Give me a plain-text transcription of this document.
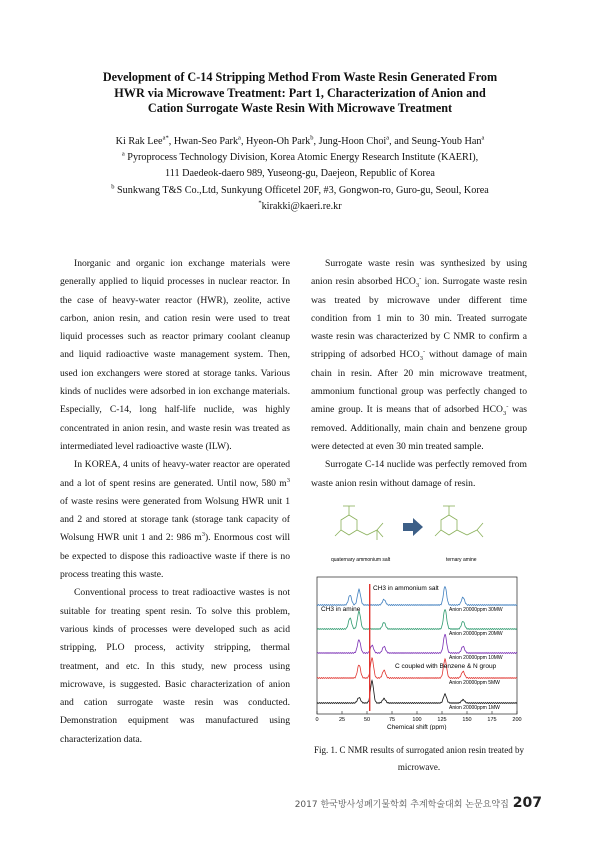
Development of C-14 Stripping Method From Waste Resin Generated From
HWR via Microwave Treatment: Part 1, Characterization of Anion and
Cation Surrogate Waste Resin With Microwave Treatment
Ki Rak Lee$^{a*}$, Hwan-Seo Park$^a$, Hyeon-Oh Park$^b$, Jung-Hoon Choi$^a$, and Seung-Youb Han$^a$
$^a$ Pyroprocess Technology Division, Korea Atomic Energy Research Institute (KAERI),
111 Daedeok-daero 989, Yuseong-gu, Daejeon, Republic of Korea
$^b$ Sunkwang T&S Co.,Ltd, Sunkyung Officetel 20F, #3, Gongwon-ro, Guro-gu, Seoul, Korea
*kirakki@kaeri.re.kr

Inorganic and organic ion exchange materials were generally applied to liquid processes in nuclear reactor. In the case of heavy-water reactor (HWR), zeolite, active carbon, anion resin, and cation resin were used to treat liquid processes such as reactor primary coolant cleanup and liquid radioactive waste management system. Then, used ion exchangers were stored at storage tanks. Various kinds of nuclides were adsorbed in ion exchange materials. Especially, C-14, long half-life nuclide, was highly concentrated in anion resin, and waste resin was treated as intermediated level radioactive waste (ILW).

In KOREA, 4 units of heavy-water reactor are operated and a lot of spent resins are generated. Until now, 580 $m^3$ of waste resins were generated from Wolsung HWR unit 1 and 2 and stored at storage tank (storage tank capacity of Wolsung HWR unit 1 and 2: 986 $m^3$). Enormous cost will be expected to dispose this radioactive waste if there is no process treating this waste.

Conventional process to treat radioactive wastes is not suitable for treating spent resin. To solve this problem, various kinds of processes were developed such as acid stripping, PLO process, activity stripping, thermal treatment, and etc. In this study, new process using microwave, is suggested. Basic characterization of anion and cation surrogate waste resin was conducted. Demonstration equipment was manufactured using characterization data.

Surrogate waste resin was synthesized by using anion resin absorbed $HCO_3^-$ ion. Surrogate waste resin was treated by microwave under different time condition from 1 min to 30 min. Treated surrogate waste resin was characterized by C NMR to confirm a stripping of adsorbed $HCO_3^-$ without damage of main chain in resin. After 20 min microwave treatment, ammonium functional group was perfectly changed to amine group. It is means that of adsorbed $HCO_3^-$ was removed. Additionally, main chain and benzene group were detected at even 30 min treated sample.

Surrogate C-14 nuclide was perfectly removed from waste anion resin without damage of resin.

quaternary ammonium salt	ternary amine
Anion 20000ppm 30MW
Anion 20000ppm 20MW
Anion 20000ppm 10MW
Anion 20000ppm 5MW
Anion 20000ppm 1MW
0	25	50	75	100	125	150	175	200
CH3 in ammonium salt
CH3 in amine
C coupled with Benzene & N group
Chemical shift (ppm)
Fig. 1. C NMR results of surrogated anion resin treated by microwave.
2017 한국방사성폐기물학회 추계학술대회 논문요약집 207
